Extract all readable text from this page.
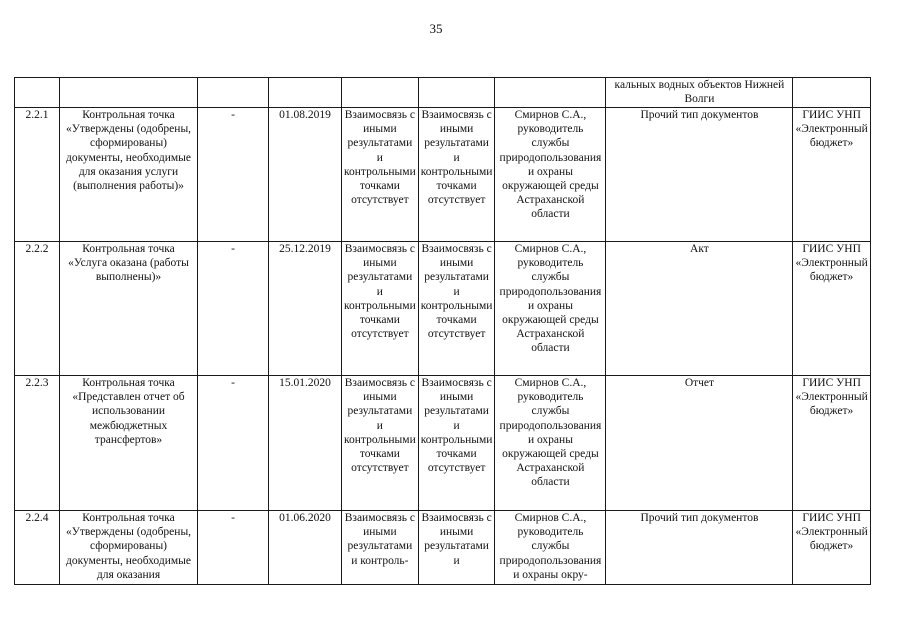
35
							кальных водных объектов Нижней Волги	
2.2.1	Контрольная точка «Утверждены (одобрены, сформированы) документы, необходимые для оказания услуги (выполнения работы)»	-	01.08.2019	Взаимосвязь с иными результатами и контрольными точками отсутствует	Взаимосвязь с иными результатами и контрольными точками отсутствует	Смирнов С.А., руководитель службы природопользования и охраны окружающей среды Астраханской области	Прочий тип документов	ГИИС УНП «Электронный бюджет»
2.2.2	Контрольная точка «Услуга оказана (работы выполнены)»	-	25.12.2019	Взаимосвязь с иными результатами и контрольными точками отсутствует	Взаимосвязь с иными результатами и контрольными точками отсутствует	Смирнов С.А., руководитель службы природопользования и охраны окружающей среды Астраханской области	Акт	ГИИС УНП «Электронный бюджет»
2.2.3	Контрольная точка «Представлен отчет об использовании межбюджетных трансфертов»	-	15.01.2020	Взаимосвязь с иными результатами и контрольными точками отсутствует	Взаимосвязь с иными результатами и контрольными точками отсутствует	Смирнов С.А., руководитель службы природопользования и охраны окружающей среды Астраханской области	Отчет	ГИИС УНП «Электронный бюджет»
2.2.4	Контрольная точка «Утверждены (одобрены, сформированы) документы, необходимые для оказания	-	01.06.2020	Взаимосвязь с иными результатами и контроль-	Взаимосвязь с иными результатами и	Смирнов С.А., руководитель службы природопользования и охраны окру-	Прочий тип документов	ГИИС УНП «Электронный бюджет»
